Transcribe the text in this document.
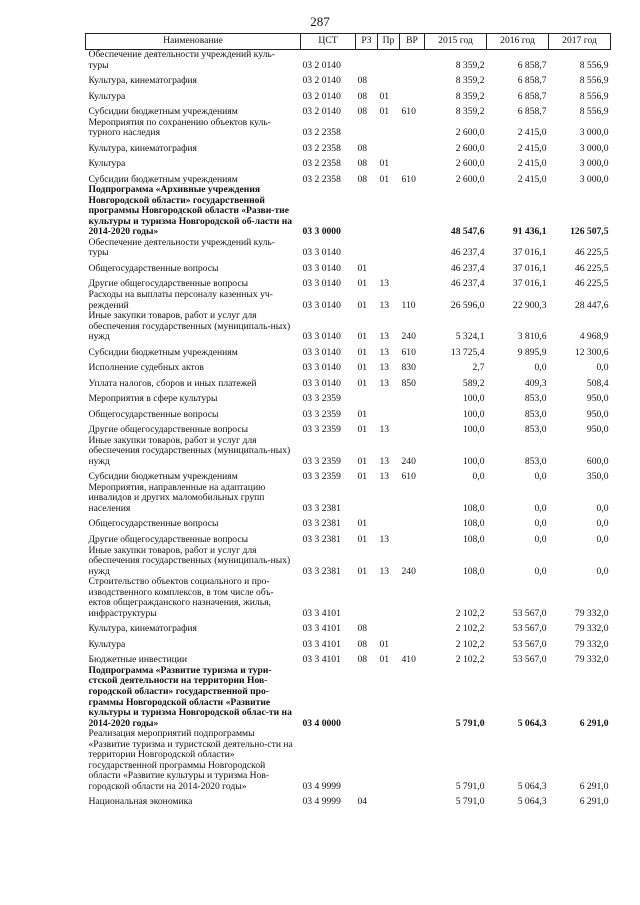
287
Наименование	ЦСТ	РЗ	Пр	ВР	2015 год	2016 год	2017 год
Обеспечение деятельности учреждений куль-туры	03 2 0140				8 359,2	6 858,7	8 556,9
Культура, кинематография	03 2 0140	08			8 359,2	6 858,7	8 556,9
Культура	03 2 0140	08	01		8 359,2	6 858,7	8 556,9
Субсидии бюджетным учреждениям	03 2 0140	08	01	610	8 359,2	6 858,7	8 556,9
Мероприятия по сохранению объектов куль-турного наследия	03 2 2358				2 600,0	2 415,0	3 000,0
Культура, кинематография	03 2 2358	08			2 600,0	2 415,0	3 000,0
Культура	03 2 2358	08	01		2 600,0	2 415,0	3 000,0
Субсидии бюджетным учреждениям	03 2 2358	08	01	610	2 600,0	2 415,0	3 000,0
Подпрограмма «Архивные учреждения Новгородской области» государственной программы Новгородской области «Разви-тие культуры и туризма Новгородской об-ласти на 2014-2020 годы»	03 3 0000				48 547,6	91 436,1	126 507,5
Обеспечение деятельности учреждений куль-туры	03 3 0140				46 237,4	37 016,1	46 225,5
Общегосударственные вопросы	03 3 0140	01			46 237,4	37 016,1	46 225,5
Другие общегосударственные вопросы	03 3 0140	01	13		46 237,4	37 016,1	46 225,5
Расходы на выплаты персоналу казенных уч-реждений	03 3 0140	01	13	110	26 596,0	22 900,3	28 447,6
Иные закупки товаров, работ и услуг для обеспечения государственных (муниципаль-ных) нужд	03 3 0140	01	13	240	5 324,1	3 810,6	4 968,9
Субсидии бюджетным учреждениям	03 3 0140	01	13	610	13 725,4	9 895,9	12 300,6
Исполнение судебных актов	03 3 0140	01	13	830	2,7	0,0	0,0
Уплата налогов, сборов и иных платежей	03 3 0140	01	13	850	589,2	409,3	508,4
Мероприятия в сфере культуры	03 3 2359				100,0	853,0	950,0
Общегосударственные вопросы	03 3 2359	01			100,0	853,0	950,0
Другие общегосударственные вопросы	03 3 2359	01	13		100,0	853,0	950,0
Иные закупки товаров, работ и услуг для обеспечения государственных (муниципаль-ных) нужд	03 3 2359	01	13	240	100,0	853,0	600,0
Субсидии бюджетным учреждениям	03 3 2359	01	13	610	0,0	0,0	350,0
Мероприятия, направленные на адаптацию инвалидов и других маломобильных групп населения	03 3 2381				108,0	0,0	0,0
Общегосударственные вопросы	03 3 2381	01			108,0	0,0	0,0
Другие общегосударственные вопросы	03 3 2381	01	13		108,0	0,0	0,0
Иные закупки товаров, работ и услуг для обеспечения государственных (муниципаль-ных) нужд	03 3 2381	01	13	240	108,0	0,0	0,0
Строительство объектов социального и про-изводственного комплексов, в том числе объ-ектов общегражданского назначения, жилья, инфраструктуры	03 3 4101				2 102,2	53 567,0	79 332,0
Культура, кинематография	03 3 4101	08			2 102,2	53 567,0	79 332,0
Культура	03 3 4101	08	01		2 102,2	53 567,0	79 332,0
Бюджетные инвестиции	03 3 4101	08	01	410	2 102,2	53 567,0	79 332,0
Подпрограмма «Развитие туризма и тури-стской деятельности на территории Нов-городской области» государственной про-граммы Новгородской области «Развитие культуры и туризма Новгородской облас-ти на 2014-2020 годы»	03 4 0000				5 791,0	5 064,3	6 291,0
Реализация мероприятий подпрограммы «Развитие туризма и туристской деятельно-сти на территории Новгородской области» государственной программы Новгородской области «Развитие культуры и туризма Нов-городской области на 2014-2020 годы»	03 4 9999				5 791,0	5 064,3	6 291,0
Национальная экономика	03 4 9999	04			5 791,0	5 064,3	6 291,0
